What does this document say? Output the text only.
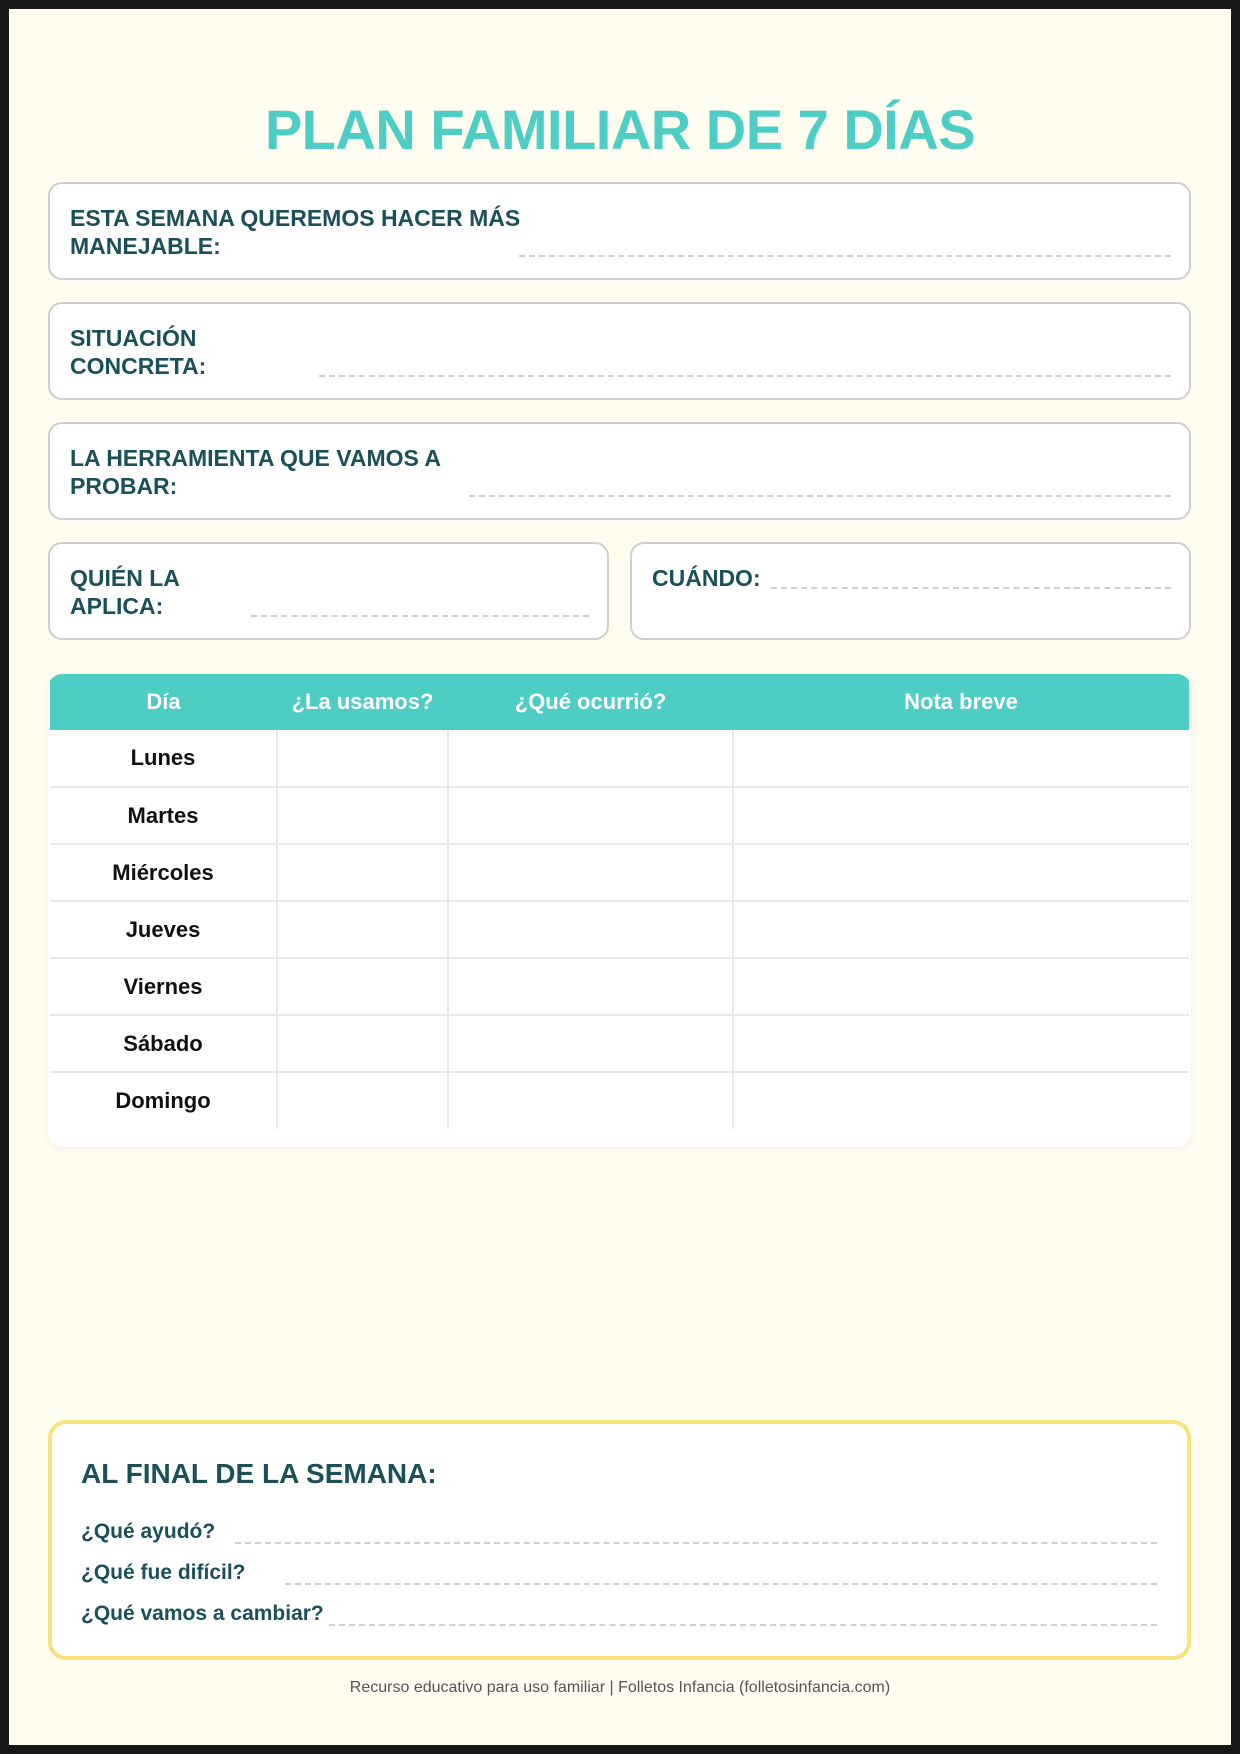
PLAN FAMILIAR DE 7 DÍAS
ESTA SEMANA QUEREMOS HACER MÁS MANEJABLE:
SITUACIÓN CONCRETA:
LA HERRAMIENTA QUE VAMOS A PROBAR:
QUIÉN LA APLICA:
CUÁNDO:
Día	¿La usamos?	¿Qué ocurrió?	Nota breve
Lunes			
Martes			
Miércoles			
Jueves			
Viernes			
Sábado			
Domingo			
AL FINAL DE LA SEMANA:
¿Qué ayudó?
¿Qué fue difícil?
¿Qué vamos a cambiar?
Recurso educativo para uso familiar | Folletos Infancia (folletosinfancia.com)
